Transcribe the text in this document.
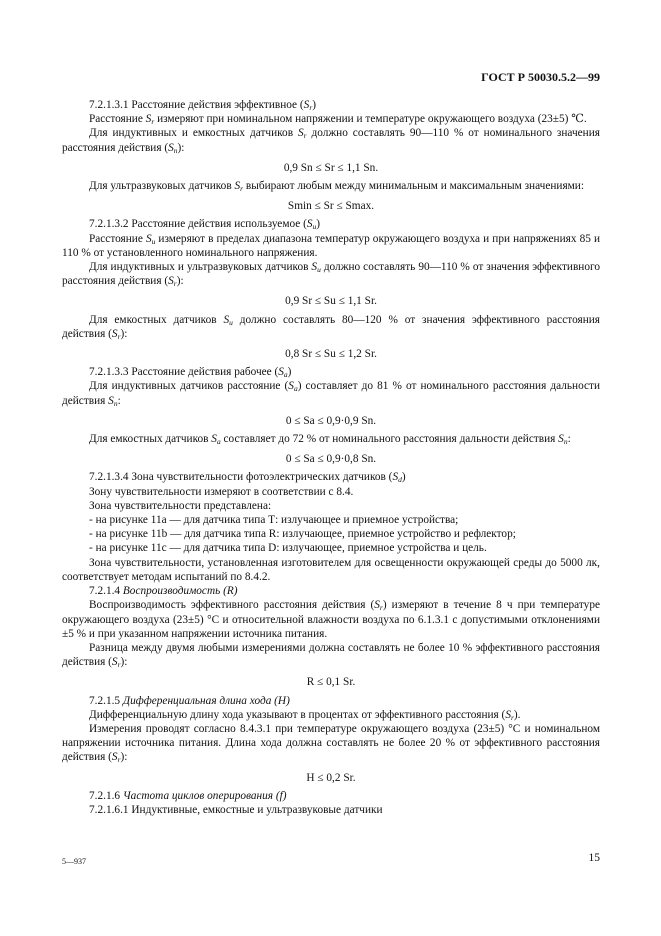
ГОСТ Р 50030.5.2—99

7.2.1.3.1 Расстояние действия эффективное $(S_r)$

Расстояние $S_r$ измеряют при номинальном напряжении и температуре окружающего воздуха (23±5) ℃.

Для индуктивных и емкостных датчиков $S_r$ должно составлять 90—110 % от номинального значения расстояния действия $(S_n)$:

0,9 Sn ≤ Sr ≤ 1,1 Sn.

Для ультразвуковых датчиков $S_r$ выбирают любым между минимальным и максимальным значениями:

Smin ≤ Sr ≤ Smax.

7.2.1.3.2 Расстояние действия используемое $(S_u)$

Расстояние $S_u$ измеряют в пределах диапазона температур окружающего воздуха и при напряжениях 85 и 110 % от установленного номинального напряжения.

Для индуктивных и ультразвуковых датчиков $S_u$ должно составлять 90—110 % от значения эффективного расстояния действия $(S_r)$:

0,9 Sr ≤ Su ≤ 1,1 Sr.

Для емкостных датчиков $S_u$ должно составлять 80—120 % от значения эффективного расстояния действия $(S_r)$:

0,8 Sr ≤ Su ≤ 1,2 Sr.

7.2.1.3.3 Расстояние действия рабочее $(S_a)$

Для индуктивных датчиков расстояние $(S_a)$ составляет до 81 % от номинального расстояния дальности действия $S_n$:

0 ≤ Sa ≤ 0,9·0,9 Sn.

Для емкостных датчиков $S_a$ составляет до 72 % от номинального расстояния дальности действия $S_n$:

0 ≤ Sa ≤ 0,9·0,8 Sn.

7.2.1.3.4 Зона чувствительности фотоэлектрических датчиков $(S_d)$

Зону чувствительности измеряют в соответствии с 8.4.

Зона чувствительности представлена:

- на рисунке 11а — для датчика типа Т: излучающее и приемное устройства;

- на рисунке 11b — для датчика типа R: излучающее, приемное устройство и рефлектор;

- на рисунке 11с — для датчика типа D: излучающее, приемное устройства и цель.

Зона чувствительности, установленная изготовителем для освещенности окружающей среды до 5000 лк, соответствует методам испытаний по 8.4.2.

7.2.1.4 Воспроизводимость (R)

Воспроизводимость эффективного расстояния действия $(S_r)$ измеряют в течение 8 ч при температуре окружающего воздуха (23±5) °С и относительной влажности воздуха по 6.1.3.1 с допустимыми отклонениями ±5 % и при указанном напряжении источника питания.

Разница между двумя любыми измерениями должна составлять не более 10 % эффективного расстояния действия $(S_r)$:

R ≤ 0,1 Sr.

7.2.1.5 Дифференциальная длина хода (Н)

Дифференциальную длину хода указывают в процентах от эффективного расстояния $(S_r)$.

Измерения проводят согласно 8.4.3.1 при температуре окружающего воздуха (23±5) °С и номинальном напряжении источника питания. Длина хода должна составлять не более 20 % от эффективного расстояния действия $(S_r)$:

H ≤ 0,2 Sr.

7.2.1.6 Частота циклов оперирования (f)

7.2.1.6.1 Индуктивные, емкостные и ультразвуковые датчики

5—937	15
